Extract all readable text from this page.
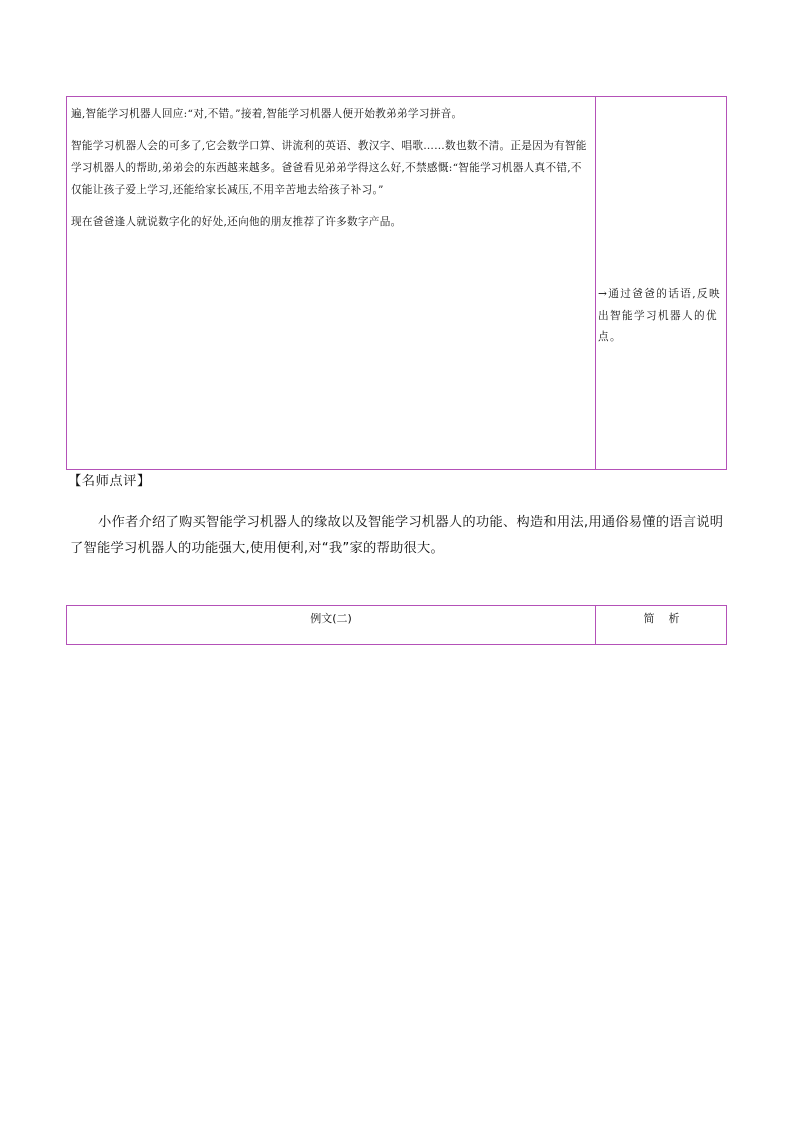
遍,智能学习机器人回应:“对,不错。”接着,智能学习机器人便开始教弟弟学习拼音。

智能学习机器人会的可多了,它会数学口算、讲流利的英语、教汉字、唱歌……数也数不清。正是因为有智能学习机器人的帮助,弟弟会的东西越来越多。爸爸看见弟弟学得这么好,不禁感慨:“智能学习机器人真不错,不仅能让孩子爱上学习,还能给家长减压,不用辛苦地去给孩子补习。”

现在爸爸逢人就说数字化的好处,还向他的朋友推荐了许多数字产品。

→通过爸爸的话语,反映出智能学习机器人的优点。
【名师点评】
小作者介绍了购买智能学习机器人的缘故以及智能学习机器人的功能、构造和用法,用通俗易懂的语言说明了智能学习机器人的功能强大,使用便利,对“我”家的帮助很大。
例文(二)	简析
